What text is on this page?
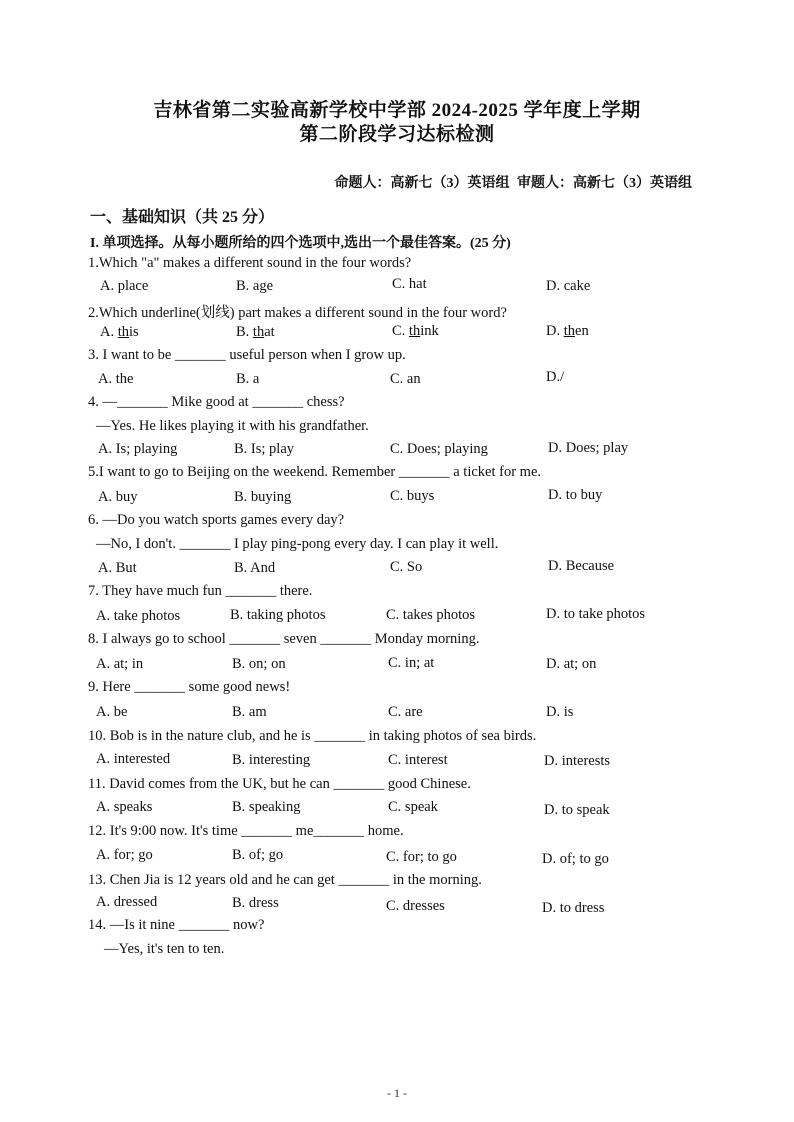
吉林省第二实验高新学校中学部 2024-2025 学年度上学期
第二阶段学习达标检测
命题人：高新七（3）英语组 审题人：高新七（3）英语组
一、基础知识（共 25 分）
I. 单项选择。从每小题所给的四个选项中,选出一个最佳答案。(25 分)
1.Which "a" makes a different sound in the four words?
A. place	B. age	C. hat	D. cake
2.Which underline(划线) part makes a different sound in the four word?
A. this	B. that	C. think	D. then
3. I want to be _______ useful person when I grow up.
A. the	B. a	C. an	D./
4. —_______ Mike good at _______ chess?
—Yes. He likes playing it with his grandfather.
A. Is; playing	B. Is; play	C. Does; playing	D. Does; play
5.I want to go to Beijing on the weekend. Remember _______ a ticket for me.
A. buy	B. buying	C. buys	D. to buy
6. —Do you watch sports games every day?
—No, I don't. _______ I play ping-pong every day. I can play it well.
A. But	B. And	C. So	D. Because
7. They have much fun _______ there.
A. take photos	B. taking photos	C. takes photos	D. to take photos
8. I always go to school _______ seven _______ Monday morning.
A. at; in	B. on; on	C. in; at	D. at; on
9. Here _______ some good news!
A. be	B. am	C. are	D. is
10. Bob is in the nature club, and he is _______ in taking photos of sea birds.
A. interested	B. interesting	C. interest	D. interests
11. David comes from the UK, but he can _______ good Chinese.
A. speaks	B. speaking	C. speak	D. to speak
12. It's 9:00 now. It's time _______ me_______ home.
A. for; go	B. of; go	C. for; to go	D. of; to go
13. Chen Jia is 12 years old and he can get _______ in the morning.
A. dressed	B. dress	C. dresses	D. to dress
14. —Is it nine _______ now?
—Yes, it's ten to ten.
- 1 -
